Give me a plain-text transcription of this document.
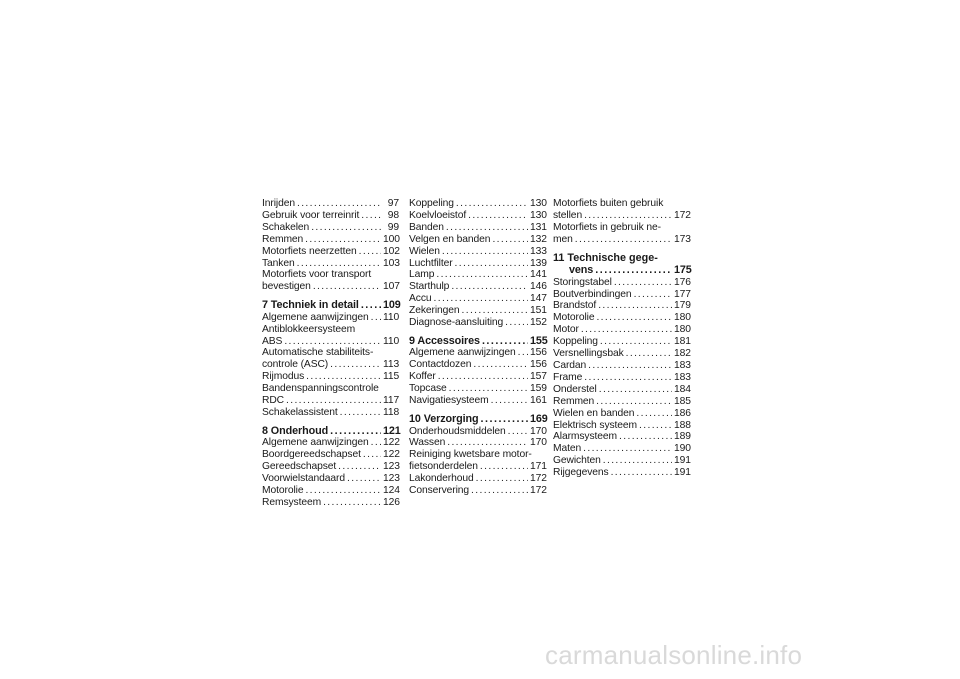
Inrijden . . .	97
Gebruik voor terreinrit . . .	98
Schakelen . . .	99
Remmen . . .	100
Motorfiets neerzetten . . .	102
Tanken . . .	103
Motorfiets voor transport
bevestigen . . .	107
7 Techniek in detail . . . 109
Algemene aanwijzingen . . . 110
Antiblokkeersysteem
ABS . . .	110
Automatische stabiliteits-
controle (ASC) . . .	113
Rijmodus . . .	115
Bandenspanningscontrole
RDC . . .	117
Schakelassistent . . .	118
8 Onderhoud . . .	121
Algemene aanwijzingen . . . 122
Boordgereedschapset . . . 122
Gereedschapset . . .	123
Voorwielstandaard . . .	123
Motorolie . . .	124
Remsysteem . . .	126
Koppeling . . .	130
Koelvloeistof . . .	130
Banden . . .	131
Velgen en banden . . .	132
Wielen . . .	133
Luchtfilter . . .	139
Lamp . . .	141
Starthulp . . .	146
Accu . . .	147
Zekeringen . . .	151
Diagnose-aansluiting . . .	152
9 Accessoires . . .	155
Algemene aanwijzingen . . . 156
Contactdozen . . .	156
Koffer . . .	157
Topcase . . .	159
Navigatiesysteem . . .	161
10 Verzorging . . .	169
Onderhoudsmiddelen . . . 170
Wassen . . .	170
Reiniging kwetsbare motor-
fietsonderdelen . . .	171
Lakonderhoud . . .	172
Conservering . . .	172
Motorfiets buiten gebruik
stellen . . .	172
Motorfiets in gebruik ne-
men . . .	173
11 Technische gege-
vens . . .	175
Storingstabel . . .	176
Boutverbindingen . . .	177
Brandstof . . .	179
Motorolie . . .	180
Motor . . .	180
Koppeling . . .	181
Versnellingsbak . . .	182
Cardan . . .	183
Frame . . .	183
Onderstel . . .	184
Remmen . . .	185
Wielen en banden . . .	186
Elektrisch systeem . . .	188
Alarmsysteem . . .	189
Maten . . .	190
Gewichten . . .	191
Rijgegevens . . .	191
carmanualsonline.info
